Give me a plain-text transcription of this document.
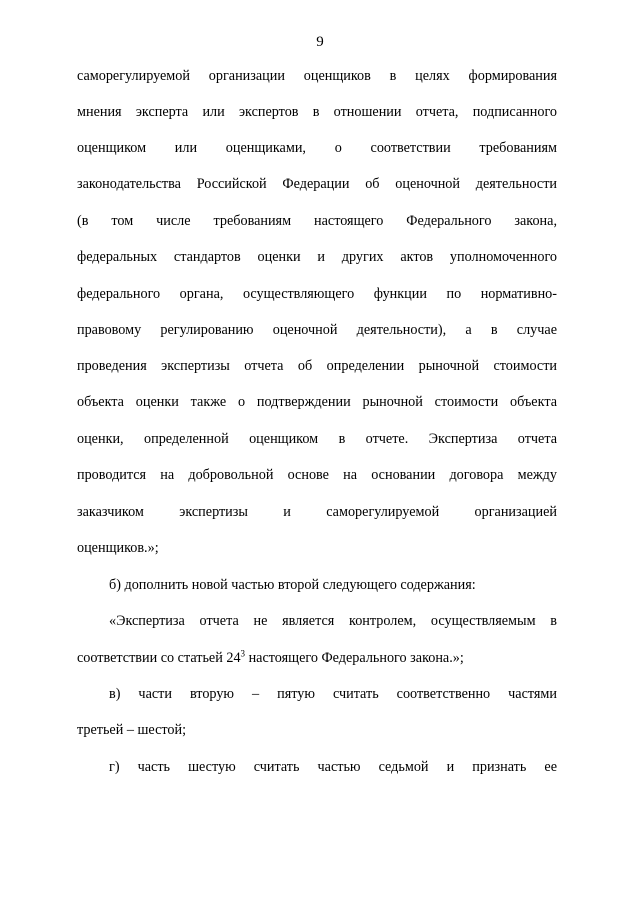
9
саморегулируемой организации оценщиков в целях формирования
мнения эксперта или экспертов в отношении отчета, подписанного
оценщиком или оценщиками, о соответствии требованиям
законодательства Российской Федерации об оценочной деятельности
(в том числе требованиям настоящего Федерального закона,
федеральных стандартов оценки и других актов уполномоченного
федерального органа, осуществляющего функции по нормативно-
правовому регулированию оценочной деятельности), а в случае
проведения экспертизы отчета об определении рыночной стоимости
объекта оценки также о подтверждении рыночной стоимости объекта
оценки, определенной оценщиком в отчете. Экспертиза отчета
проводится на добровольной основе на основании договора между
заказчиком экспертизы и саморегулируемой организацией
оценщиков.»;
б) дополнить новой частью второй следующего содержания:
«Экспертиза отчета не является контролем, осуществляемым в
соответствии со статьей $24^3$ настоящего Федерального закона.»;
в) части вторую – пятую считать соответственно частями
третьей – шестой;
г) часть шестую считать частью седьмой и признать ее
